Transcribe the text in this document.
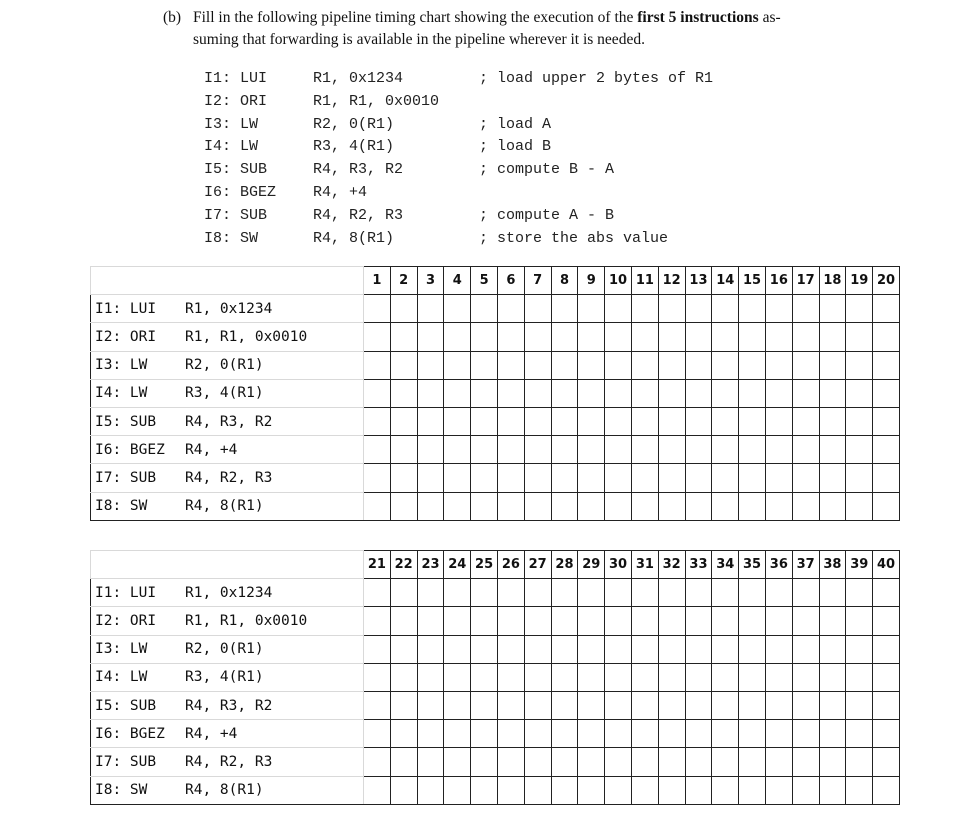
(b) Fill in the following pipeline timing chart showing the execution of the first 5 instructions as-
suming that forwarding is available in the pipeline wherever it is needed.
I1: LUI	R1, 0x1234	; load upper 2 bytes of R1
I2: ORI	R1, R1, 0x0010
I3: LW	R2, 0(R1)	; load A
I4: LW	R3, 4(R1)	; load B
I5: SUB	R4, R3, R2	; compute B - A
I6: BGEZ R4, +4
I7: SUB	R4, R2, R3	; compute A - B
I8: SW	R4, 8(R1)	; store the abs value
	1	2	3	4	5	6	7	8	9	10	11	12	13	14	15	16	17	18	19	20
I1: LUI R1, 0x1234																				
I2: ORI R1, R1, 0x0010																				
I3: LW R2, 0(R1)																				
I4: LW R3, 4(R1)																				
I5: SUB R4, R3, R2																				
I6: BGEZ R4, +4																				
I7: SUB R4, R2, R3																				
I8: SW R4, 8(R1)																				
	21	22	23	24	25	26	27	28	29	30	31	32	33	34	35	36	37	38	39	40
I1: LUI R1, 0x1234																				
I2: ORI R1, R1, 0x0010																				
I3: LW R2, 0(R1)																				
I4: LW R3, 4(R1)																				
I5: SUB R4, R3, R2																				
I6: BGEZ R4, +4																				
I7: SUB R4, R2, R3																				
I8: SW R4, 8(R1)																				
